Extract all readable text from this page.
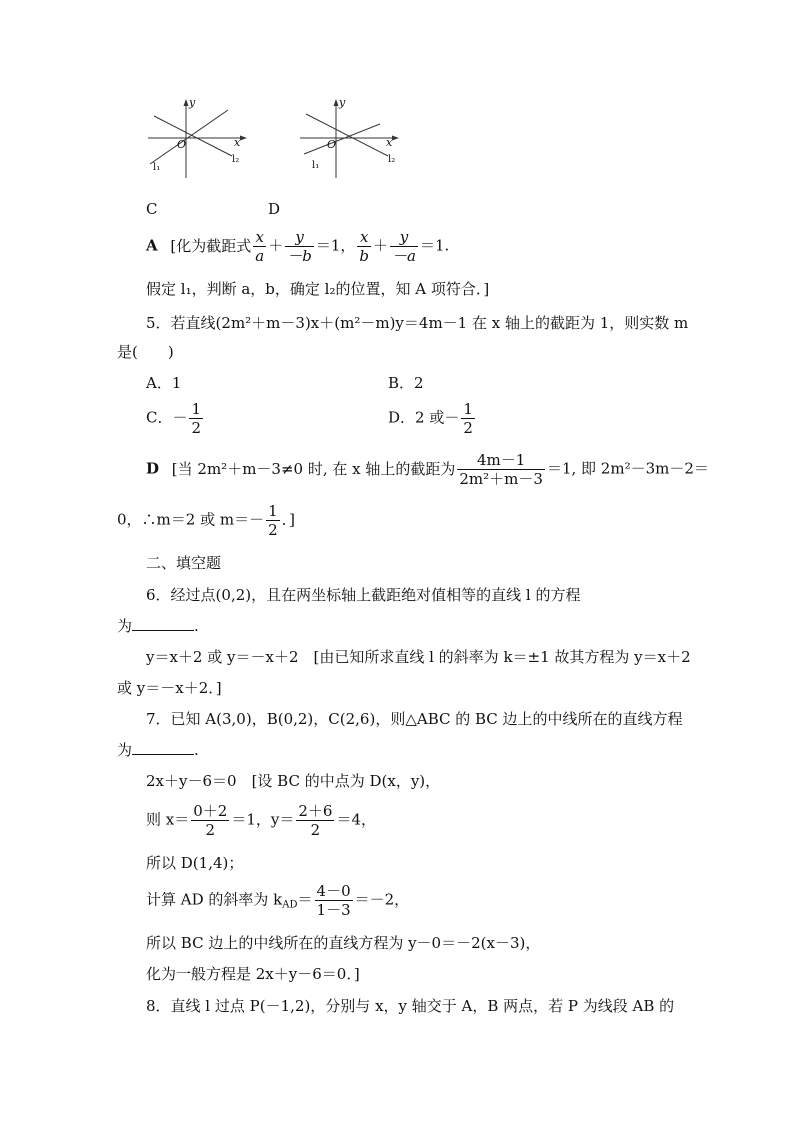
y
x
O
l₁
l₂
y
x
O
l₁
l₂
C	D
A [化为截距式 $\frac{x}{a} + \frac{y}{-b} =1$， $\frac{x}{b} + \frac{y}{-a} =1$.
假定 l₁，判断 a，b，确定 l₂的位置，知 A 项符合．]
5．若直线(2m²＋m－3)x＋(m²－m)y＝4m－1 在 x 轴上的截距为 1，则实数 m
是(　　)
A．1	B．2
C．－ $\frac{1}{2}$	D．2 或－ $\frac{1}{2}$
D [当 2m²＋m－3≠0 时, 在 x 轴上的截距为 $\frac{4m-1}{\text{2m²＋m－3}} =1$, 即 2m²－3m－2＝
0，∴m＝2 或 $m=- \frac{1}{2}$ ．]
二、填空题
6．经过点(0,2)，且在两坐标轴上截距绝对值相等的直线 l 的方程
为	.
y＝x＋2 或 y＝－x＋2　[由已知所求直线 l 的斜率为 k＝±1 故其方程为 y＝x＋2
或 y＝－x＋2．]
7．已知 A(3,0)，B(0,2)，C(2,6)，则△ABC 的 BC 边上的中线所在的直线方程
为	.
2x＋y－6＝0　[设 BC 的中点为 D(x，y)，
则 $x= \frac{0+2}{2} =1$，$y= \frac{2+6}{2} =4$，
所以 D(1,4)；
计算 AD 的斜率为 $k_{AD}= \frac{4-0}{1-3} =-2$，
所以 BC 边上的中线所在的直线方程为 y－0＝－2(x－3)，
化为一般方程是 2x＋y－6＝0．]
8．直线 l 过点 P(－1,2)，分别与 x，y 轴交于 A，B 两点，若 P 为线段 AB 的
